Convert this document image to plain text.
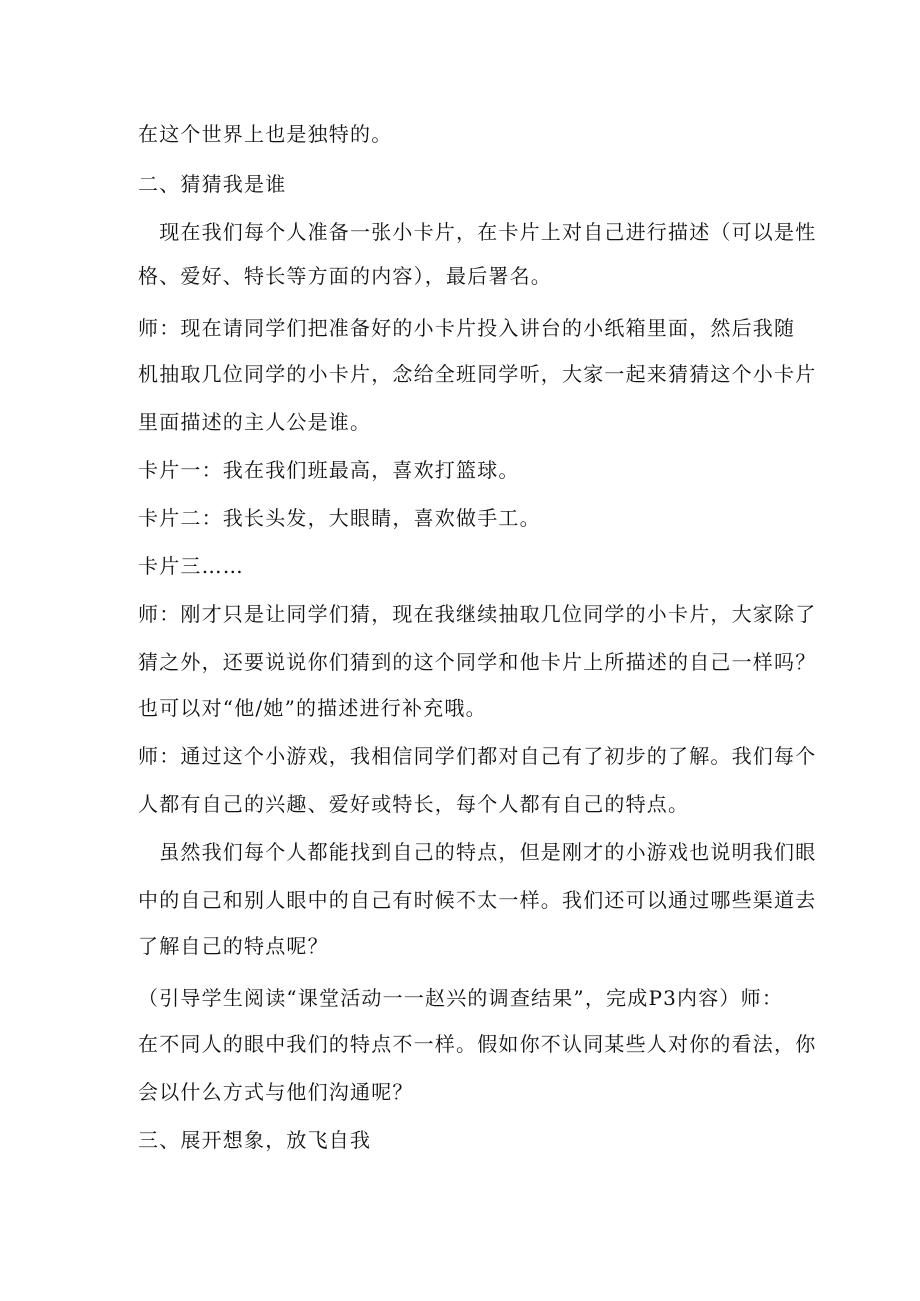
在这个世界上也是独特的。
二、猜猜我是谁
　现在我们每个人准备一张小卡片，在卡片上对自己进行描述（可以是性
格、爱好、特长等方面的内容），最后署名。
师：现在请同学们把准备好的小卡片投入讲台的小纸箱里面，然后我随
机抽取几位同学的小卡片，念给全班同学听，大家一起来猜猜这个小卡片
里面描述的主人公是谁。
卡片一：我在我们班最高，喜欢打篮球。
卡片二：我长头发，大眼睛，喜欢做手工。
卡片三……
师：刚才只是让同学们猜，现在我继续抽取几位同学的小卡片，大家除了
猜之外，还要说说你们猜到的这个同学和他卡片上所描述的自己一样吗？
也可以对“他/她”的描述进行补充哦。
师：通过这个小游戏，我相信同学们都对自己有了初步的了解。我们每个
人都有自己的兴趣、爱好或特长，每个人都有自己的特点。
　虽然我们每个人都能找到自己的特点，但是刚才的小游戏也说明我们眼
中的自己和别人眼中的自己有时候不太一样。我们还可以通过哪些渠道去
了解自己的特点呢？
（引导学生阅读“课堂活动一一赵兴的调查结果”，完成P3内容）师：
在不同人的眼中我们的特点不一样。假如你不认同某些人对你的看法，你
会以什么方式与他们沟通呢？
三、展开想象，放飞自我
